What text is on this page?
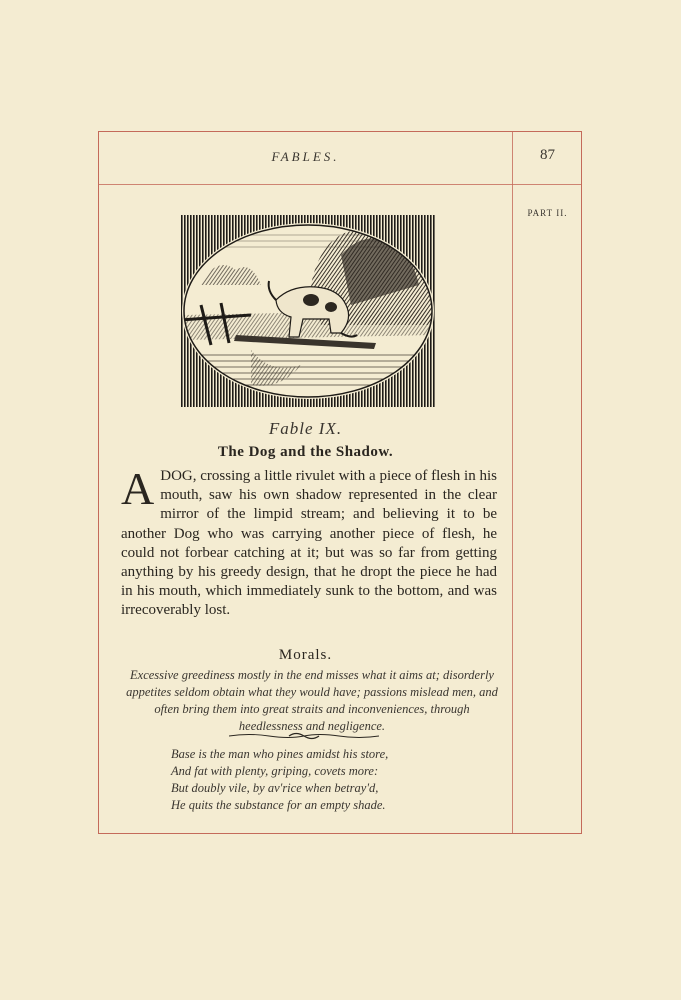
FABLES.	87
PART II.
Fable IX.
The Dog and the Shadow.
ADOG, crossing a little rivulet with a piece of flesh in his mouth, saw his own shadow represented in the clear mirror of the limpid stream; and believing it to be another Dog who was carrying another piece of flesh, he could not forbear catching at it; but was so far from getting anything by his greedy design, that he dropt the piece he had in his mouth, which immediately sunk to the bottom, and was irrecoverably lost.
Morals.
Excessive greediness mostly in the end misses what it aims at; disorderly appetites seldom obtain what they would have; passions mislead men, and often bring them into great straits and inconveniences, through heedlessness and negligence.
Base is the man who pines amidst his store,
And fat with plenty, griping, covets more:
But doubly vile, by av'rice when betray'd,
He quits the substance for an empty shade.
